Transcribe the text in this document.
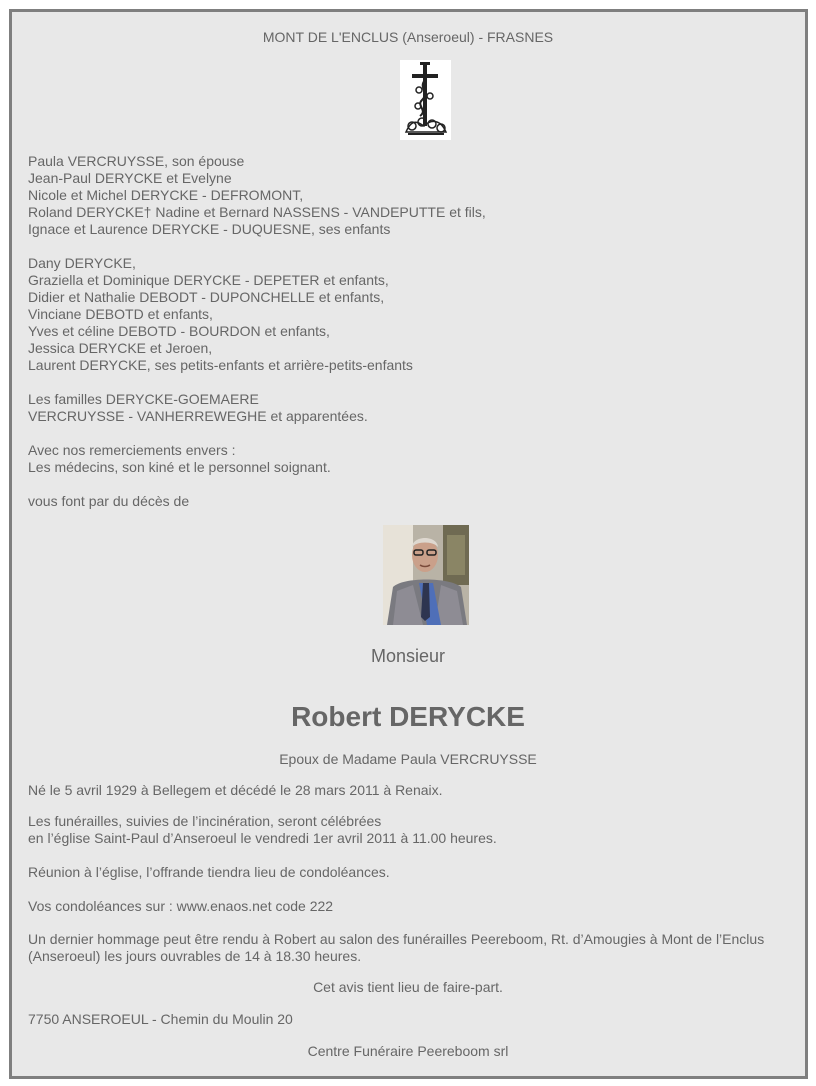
MONT DE L'ENCLUS (Anseroeul) - FRASNES
Paula VERCRUYSSE, son épouse
Jean-Paul DERYCKE et Evelyne
Nicole et Michel DERYCKE - DEFROMONT,
Roland DERYCKE† Nadine et Bernard NASSENS - VANDEPUTTE et fils,
Ignace et Laurence DERYCKE - DUQUESNE, ses enfants
Dany DERYCKE,
Graziella et Dominique DERYCKE - DEPETER et enfants,
Didier et Nathalie DEBODT - DUPONCHELLE et enfants,
Vinciane DEBOTD et enfants,
Yves et céline DEBOTD - BOURDON et enfants,
Jessica DERYCKE et Jeroen,
Laurent DERYCKE, ses petits-enfants et arrière-petits-enfants
Les familles DERYCKE-GOEMAERE
VERCRUYSSE - VANHERREWEGHE et apparentées.
Avec nos remerciements envers :
Les médecins, son kiné et le personnel soignant.
vous font par du décès de
Monsieur
Robert DERYCKE
Epoux de Madame Paula VERCRUYSSE
Né le 5 avril 1929 à Bellegem et décédé le 28 mars 2011 à Renaix.
Les funérailles, suivies de l’incinération, seront célébrées
en l’église Saint-Paul d’Anseroeul le vendredi 1er avril 2011 à 11.00 heures.
Réunion à l’église, l’offrande tiendra lieu de condoléances.
Vos condoléances sur : www.enaos.net code 222
Un dernier hommage peut être rendu à Robert au salon des funérailles Peereboom, Rt. d’Amougies à Mont de l’Enclus (Anseroeul) les jours ouvrables de 14 à 18.30 heures.
Cet avis tient lieu de faire-part.
7750 ANSEROEUL - Chemin du Moulin 20
Centre Funéraire Peereboom srl
